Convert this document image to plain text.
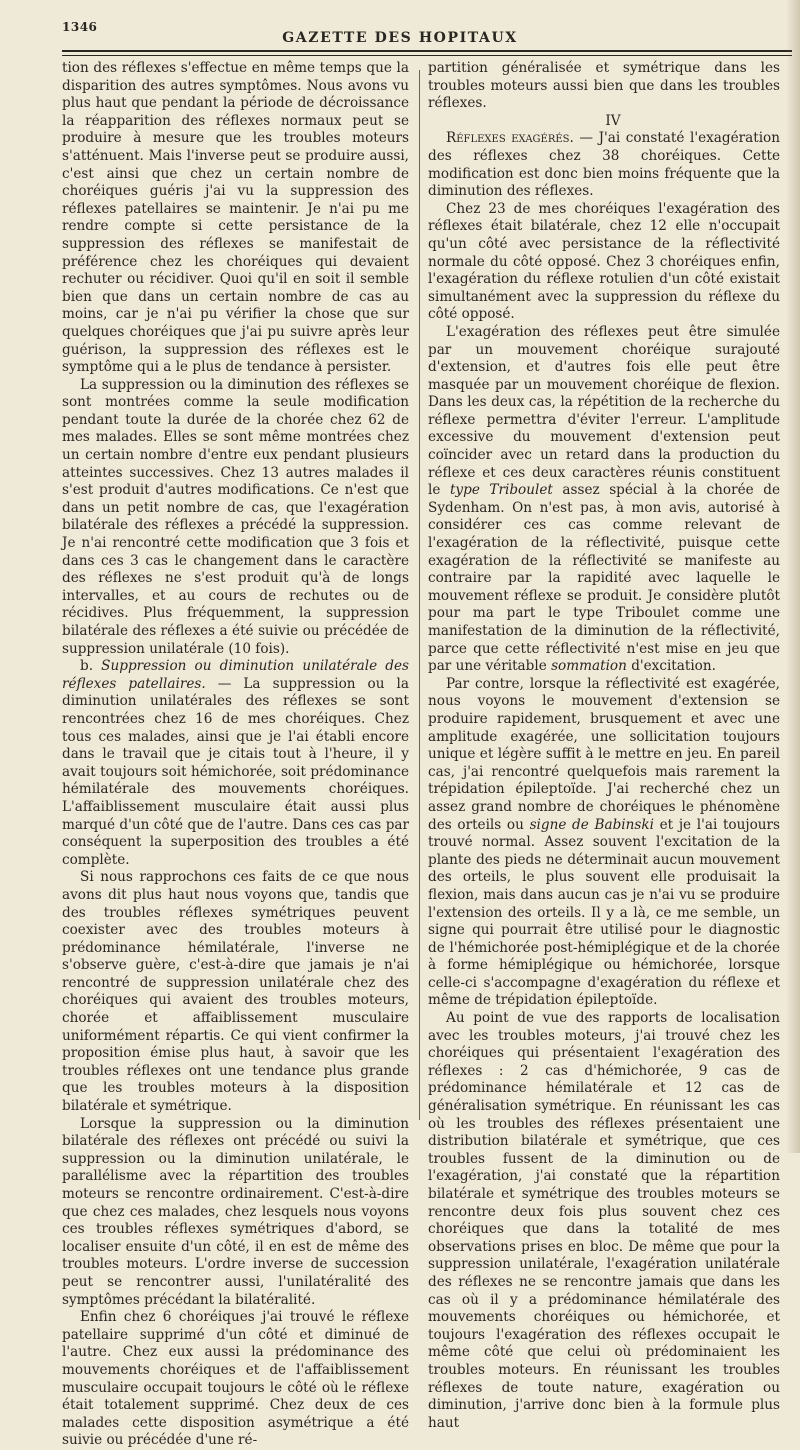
1346
GAZETTE DES HOPITAUX

tion des réflexes s'effectue en même temps que la disparition des autres symptômes. Nous avons vu plus haut que pendant la période de décroissance la réapparition des réflexes normaux peut se produire à mesure que les troubles moteurs s'atténuent. Mais l'inverse peut se produire aussi, c'est ainsi que chez un certain nombre de choréiques guéris j'ai vu la suppression des réflexes patellaires se maintenir. Je n'ai pu me rendre compte si cette persistance de la suppression des réflexes se manifestait de préférence chez les choréiques qui devaient rechuter ou récidiver. Quoi qu'il en soit il semble bien que dans un certain nombre de cas au moins, car je n'ai pu vérifier la chose que sur quelques choréiques que j'ai pu suivre après leur guérison, la suppression des réflexes est le symptôme qui a le plus de tendance à persister.

La suppression ou la diminution des réflexes se sont montrées comme la seule modification pendant toute la durée de la chorée chez 62 de mes malades. Elles se sont même montrées chez un certain nombre d'entre eux pendant plusieurs atteintes successives. Chez 13 autres malades il s'est produit d'autres modifications. Ce n'est que dans un petit nombre de cas, que l'exagération bilatérale des réflexes a précédé la suppression. Je n'ai rencontré cette modification que 3 fois et dans ces 3 cas le changement dans le caractère des réflexes ne s'est produit qu'à de longs intervalles, et au cours de rechutes ou de récidives. Plus fréquemment, la suppression bilatérale des réflexes a été suivie ou précédée de suppression unilatérale (10 fois).

b. Suppression ou diminution unilatérale des réflexes patellaires. — La suppression ou la diminution unilatérales des réflexes se sont rencontrées chez 16 de mes choréiques. Chez tous ces malades, ainsi que je l'ai établi encore dans le travail que je citais tout à l'heure, il y avait toujours soit hémichorée, soit prédominance hémilatérale des mouvements choréiques. L'affaiblissement musculaire était aussi plus marqué d'un côté que de l'autre. Dans ces cas par conséquent la superposition des troubles a été complète.

Si nous rapprochons ces faits de ce que nous avons dit plus haut nous voyons que, tandis que des troubles réflexes symétriques peuvent coexister avec des troubles moteurs à prédominance hémilatérale, l'inverse ne s'observe guère, c'est-à-dire que jamais je n'ai rencontré de suppression unilatérale chez des choréiques qui avaient des troubles moteurs, chorée et affaiblissement musculaire uniformément répartis. Ce qui vient confirmer la proposition émise plus haut, à savoir que les troubles réflexes ont une tendance plus grande que les troubles moteurs à la disposition bilatérale et symétrique.

Lorsque la suppression ou la diminution bilatérale des réflexes ont précédé ou suivi la suppression ou la diminution unilatérale, le parallélisme avec la répartition des troubles moteurs se rencontre ordinairement. C'est-à-dire que chez ces malades, chez lesquels nous voyons ces troubles réflexes symétriques d'abord, se localiser ensuite d'un côté, il en est de même des troubles moteurs. L'ordre inverse de succession peut se rencontrer aussi, l'unilatéralité des symptômes précédant la bilatéralité.

Enfin chez 6 choréiques j'ai trouvé le réflexe patellaire supprimé d'un côté et diminué de l'autre. Chez eux aussi la prédominance des mouvements choréiques et de l'affaiblissement musculaire occupait toujours le côté où le réflexe était totalement supprimé. Chez deux de ces malades cette disposition asymétrique a été suivie ou précédée d'une ré-

partition généralisée et symétrique dans les troubles moteurs aussi bien que dans les troubles réflexes.

IV

Réflexes exagérés. — J'ai constaté l'exagération des réflexes chez 38 choréiques. Cette modification est donc bien moins fréquente que la diminution des réflexes.

Chez 23 de mes choréiques l'exagération des réflexes était bilatérale, chez 12 elle n'occupait qu'un côté avec persistance de la réflectivité normale du côté opposé. Chez 3 choréiques enfin, l'exagération du réflexe rotulien d'un côté existait simultanément avec la suppression du réflexe du côté opposé.

L'exagération des réflexes peut être simulée par un mouvement choréique surajouté d'extension, et d'autres fois elle peut être masquée par un mouvement choréique de flexion. Dans les deux cas, la répétition de la recherche du réflexe permettra d'éviter l'erreur. L'amplitude excessive du mouvement d'extension peut coïncider avec un retard dans la production du réflexe et ces deux caractères réunis constituent le type Triboulet assez spécial à la chorée de Sydenham. On n'est pas, à mon avis, autorisé à considérer ces cas comme relevant de l'exagération de la réflectivité, puisque cette exagération de la réflectivité se manifeste au contraire par la rapidité avec laquelle le mouvement réflexe se produit. Je considère plutôt pour ma part le type Triboulet comme une manifestation de la diminution de la réflectivité, parce que cette réflectivité n'est mise en jeu que par une véritable sommation d'excitation.

Par contre, lorsque la réflectivité est exagérée, nous voyons le mouvement d'extension se produire rapidement, brusquement et avec une amplitude exagérée, une sollicitation toujours unique et légère suffit à le mettre en jeu. En pareil cas, j'ai rencontré quelquefois mais rarement la trépidation épileptoïde. J'ai recherché chez un assez grand nombre de choréiques le phénomène des orteils ou signe de Babinski et je l'ai toujours trouvé normal. Assez souvent l'excitation de la plante des pieds ne déterminait aucun mouvement des orteils, le plus souvent elle produisait la flexion, mais dans aucun cas je n'ai vu se produire l'extension des orteils. Il y a là, ce me semble, un signe qui pourrait être utilisé pour le diagnostic de l'hémichorée post-hémiplégique et de la chorée à forme hémiplégique ou hémichorée, lorsque celle-ci s'accompagne d'exagération du réflexe et même de trépidation épileptoïde.

Au point de vue des rapports de localisation avec les troubles moteurs, j'ai trouvé chez les choréiques qui présentaient l'exagération des réflexes : 2 cas d'hémichorée, 9 cas de prédominance hémilatérale et 12 cas de généralisation symétrique. En réunissant les cas où les troubles des réflexes présentaient une distribution bilatérale et symétrique, que ces troubles fussent de la diminution ou de l'exagération, j'ai constaté que la répartition bilatérale et symétrique des troubles moteurs se rencontre deux fois plus souvent chez ces choréiques que dans la totalité de mes observations prises en bloc. De même que pour la suppression unilatérale, l'exagération unilatérale des réflexes ne se rencontre jamais que dans les cas où il y a prédominance hémilatérale des mouvements choréiques ou hémichorée, et toujours l'exagération des réflexes occupait le même côté que celui où prédominaient les troubles moteurs. En réunissant les troubles réflexes de toute nature, exagération ou diminution, j'arrive donc bien à la formule plus haut
